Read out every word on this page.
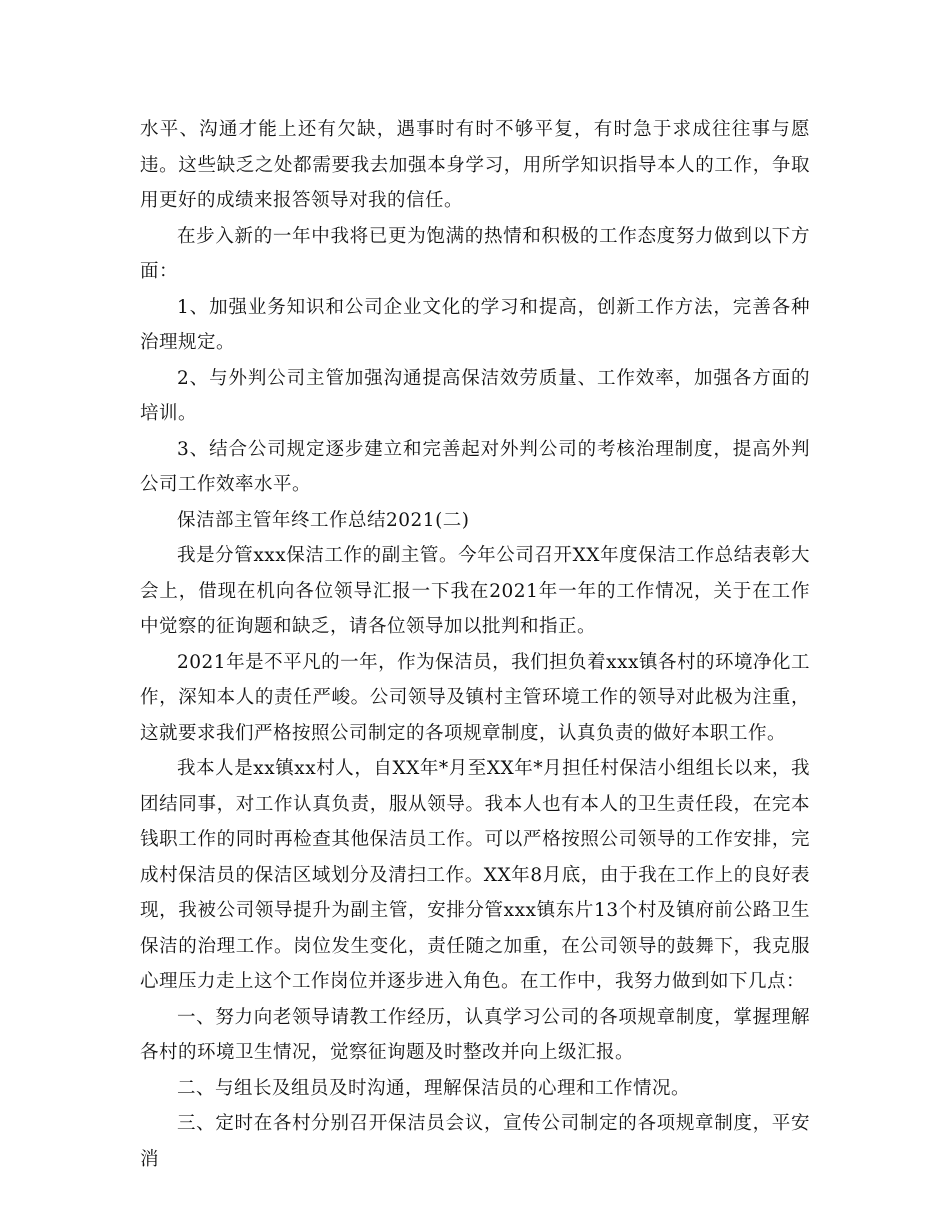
水平、沟通才能上还有欠缺，遇事时有时不够平复，有时急于求成往往事与愿违。这些缺乏之处都需要我去加强本身学习，用所学知识指导本人的工作，争取用更好的成绩来报答领导对我的信任。

在步入新的一年中我将已更为饱满的热情和积极的工作态度努力做到以下方面：

1、加强业务知识和公司企业文化的学习和提高，创新工作方法，完善各种治理规定。

2、与外判公司主管加强沟通提高保洁效劳质量、工作效率，加强各方面的培训。

3、结合公司规定逐步建立和完善起对外判公司的考核治理制度，提高外判公司工作效率水平。

保洁部主管年终工作总结2021(二)

我是分管xxx保洁工作的副主管。今年公司召开XX年度保洁工作总结表彰大会上，借现在机向各位领导汇报一下我在2021年一年的工作情况，关于在工作中觉察的征询题和缺乏，请各位领导加以批判和指正。

2021年是不平凡的一年，作为保洁员，我们担负着xxx镇各村的环境净化工作，深知本人的责任严峻。公司领导及镇村主管环境工作的领导对此极为注重，这就要求我们严格按照公司制定的各项规章制度，认真负责的做好本职工作。

我本人是xx镇xx村人，自XX年*月至XX年*月担任村保洁小组组长以来，我团结同事，对工作认真负责，服从领导。我本人也有本人的卫生责任段，在完本钱职工作的同时再检查其他保洁员工作。可以严格按照公司领导的工作安排，完成村保洁员的保洁区域划分及清扫工作。XX年8月底，由于我在工作上的良好表现，我被公司领导提升为副主管，安排分管xxx镇东片13个村及镇府前公路卫生保洁的治理工作。岗位发生变化，责任随之加重，在公司领导的鼓舞下，我克服心理压力走上这个工作岗位并逐步进入角色。在工作中，我努力做到如下几点：

一、努力向老领导请教工作经历，认真学习公司的各项规章制度，掌握理解各村的环境卫生情况，觉察征询题及时整改并向上级汇报。

二、与组长及组员及时沟通，理解保洁员的心理和工作情况。

三、定时在各村分别召开保洁员会议，宣传公司制定的各项规章制度，平安消
